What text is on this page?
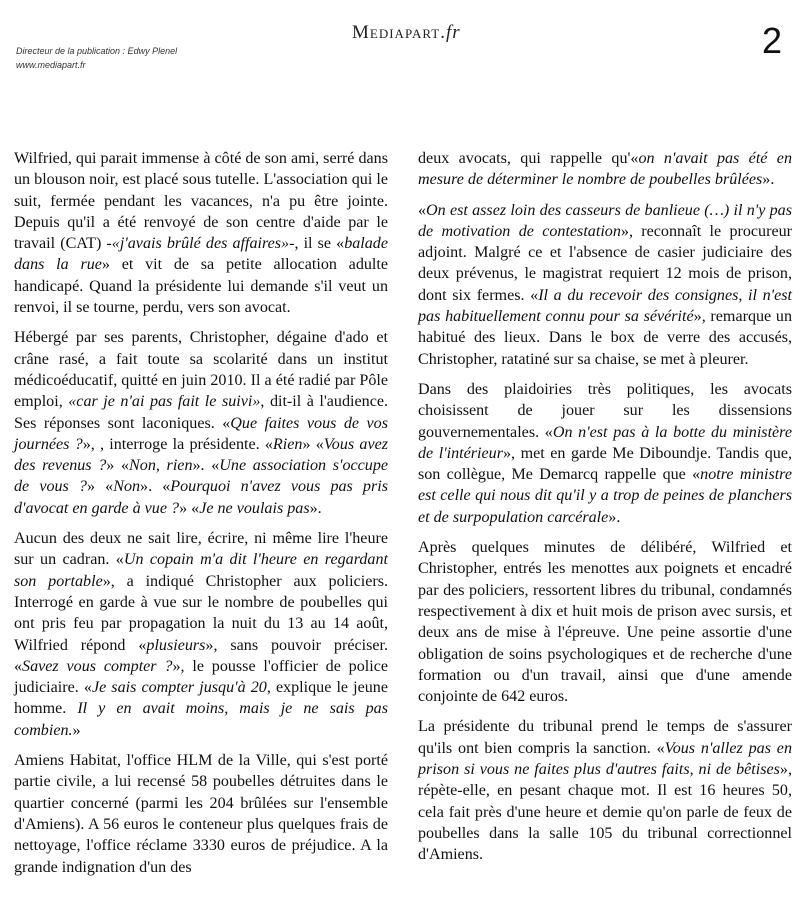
Mediapart.fr
Directeur de la publication : Edwy Plenel
www.mediapart.fr
2

Wilfried, qui parait immense à côté de son ami, serré dans un blouson noir, est placé sous tutelle. L'association qui le suit, fermée pendant les vacances, n'a pu être jointe. Depuis qu'il a été renvoyé de son centre d'aide par le travail (CAT) -«j'avais brûlé des affaires»-, il se «balade dans la rue» et vit de sa petite allocation adulte handicapé. Quand la présidente lui demande s'il veut un renvoi, il se tourne, perdu, vers son avocat.

Hébergé par ses parents, Christopher, dégaine d'ado et crâne rasé, a fait toute sa scolarité dans un institut médicoéducatif, quitté en juin 2010. Il a été radié par Pôle emploi, «car je n'ai pas fait le suivi», dit-il à l'audience. Ses réponses sont laconiques. «Que faites vous de vos journées ?», , interroge la présidente. «Rien» «Vous avez des revenus ?» «Non, rien». «Une association s'occupe de vous ?» «Non». «Pourquoi n'avez vous pas pris d'avocat en garde à vue ?» «Je ne voulais pas».

Aucun des deux ne sait lire, écrire, ni même lire l'heure sur un cadran. «Un copain m'a dit l'heure en regardant son portable», a indiqué Christopher aux policiers. Interrogé en garde à vue sur le nombre de poubelles qui ont pris feu par propagation la nuit du 13 au 14 août, Wilfried répond «plusieurs», sans pouvoir préciser. «Savez vous compter ?», le pousse l'officier de police judiciaire. «Je sais compter jusqu'à 20, explique le jeune homme. Il y en avait moins, mais je ne sais pas combien.»

Amiens Habitat, l'office HLM de la Ville, qui s'est porté partie civile, a lui recensé 58 poubelles détruites dans le quartier concerné (parmi les 204 brûlées sur l'ensemble d'Amiens). A 56 euros le conteneur plus quelques frais de nettoyage, l'office réclame 3330 euros de préjudice. A la grande indignation d'un des

deux avocats, qui rappelle qu'«on n'avait pas été en mesure de déterminer le nombre de poubelles brûlées».

«On est assez loin des casseurs de banlieue (…) il n'y pas de motivation de contestation», reconnaît le procureur adjoint. Malgré ce et l'absence de casier judiciaire des deux prévenus, le magistrat requiert 12 mois de prison, dont six fermes. «Il a du recevoir des consignes, il n'est pas habituellement connu pour sa sévérité», remarque un habitué des lieux. Dans le box de verre des accusés, Christopher, ratatiné sur sa chaise, se met à pleurer.

Dans des plaidoiries très politiques, les avocats choisissent de jouer sur les dissensions gouvernementales. «On n'est pas à la botte du ministère de l'intérieur», met en garde Me Diboundje. Tandis que, son collègue, Me Demarcq rappelle que «notre ministre est celle qui nous dit qu'il y a trop de peines de planchers et de surpopulation carcérale».

Après quelques minutes de délibéré, Wilfried et Christopher, entrés les menottes aux poignets et encadré par des policiers, ressortent libres du tribunal, condamnés respectivement à dix et huit mois de prison avec sursis, et deux ans de mise à l'épreuve. Une peine assortie d'une obligation de soins psychologiques et de recherche d'une formation ou d'un travail, ainsi que d'une amende conjointe de 642 euros.

La présidente du tribunal prend le temps de s'assurer qu'ils ont bien compris la sanction. «Vous n'allez pas en prison si vous ne faites plus d'autres faits, ni de bêtises», répète-elle, en pesant chaque mot. Il est 16 heures 50, cela fait près d'une heure et demie qu'on parle de feux de poubelles dans la salle 105 du tribunal correctionnel d'Amiens.
